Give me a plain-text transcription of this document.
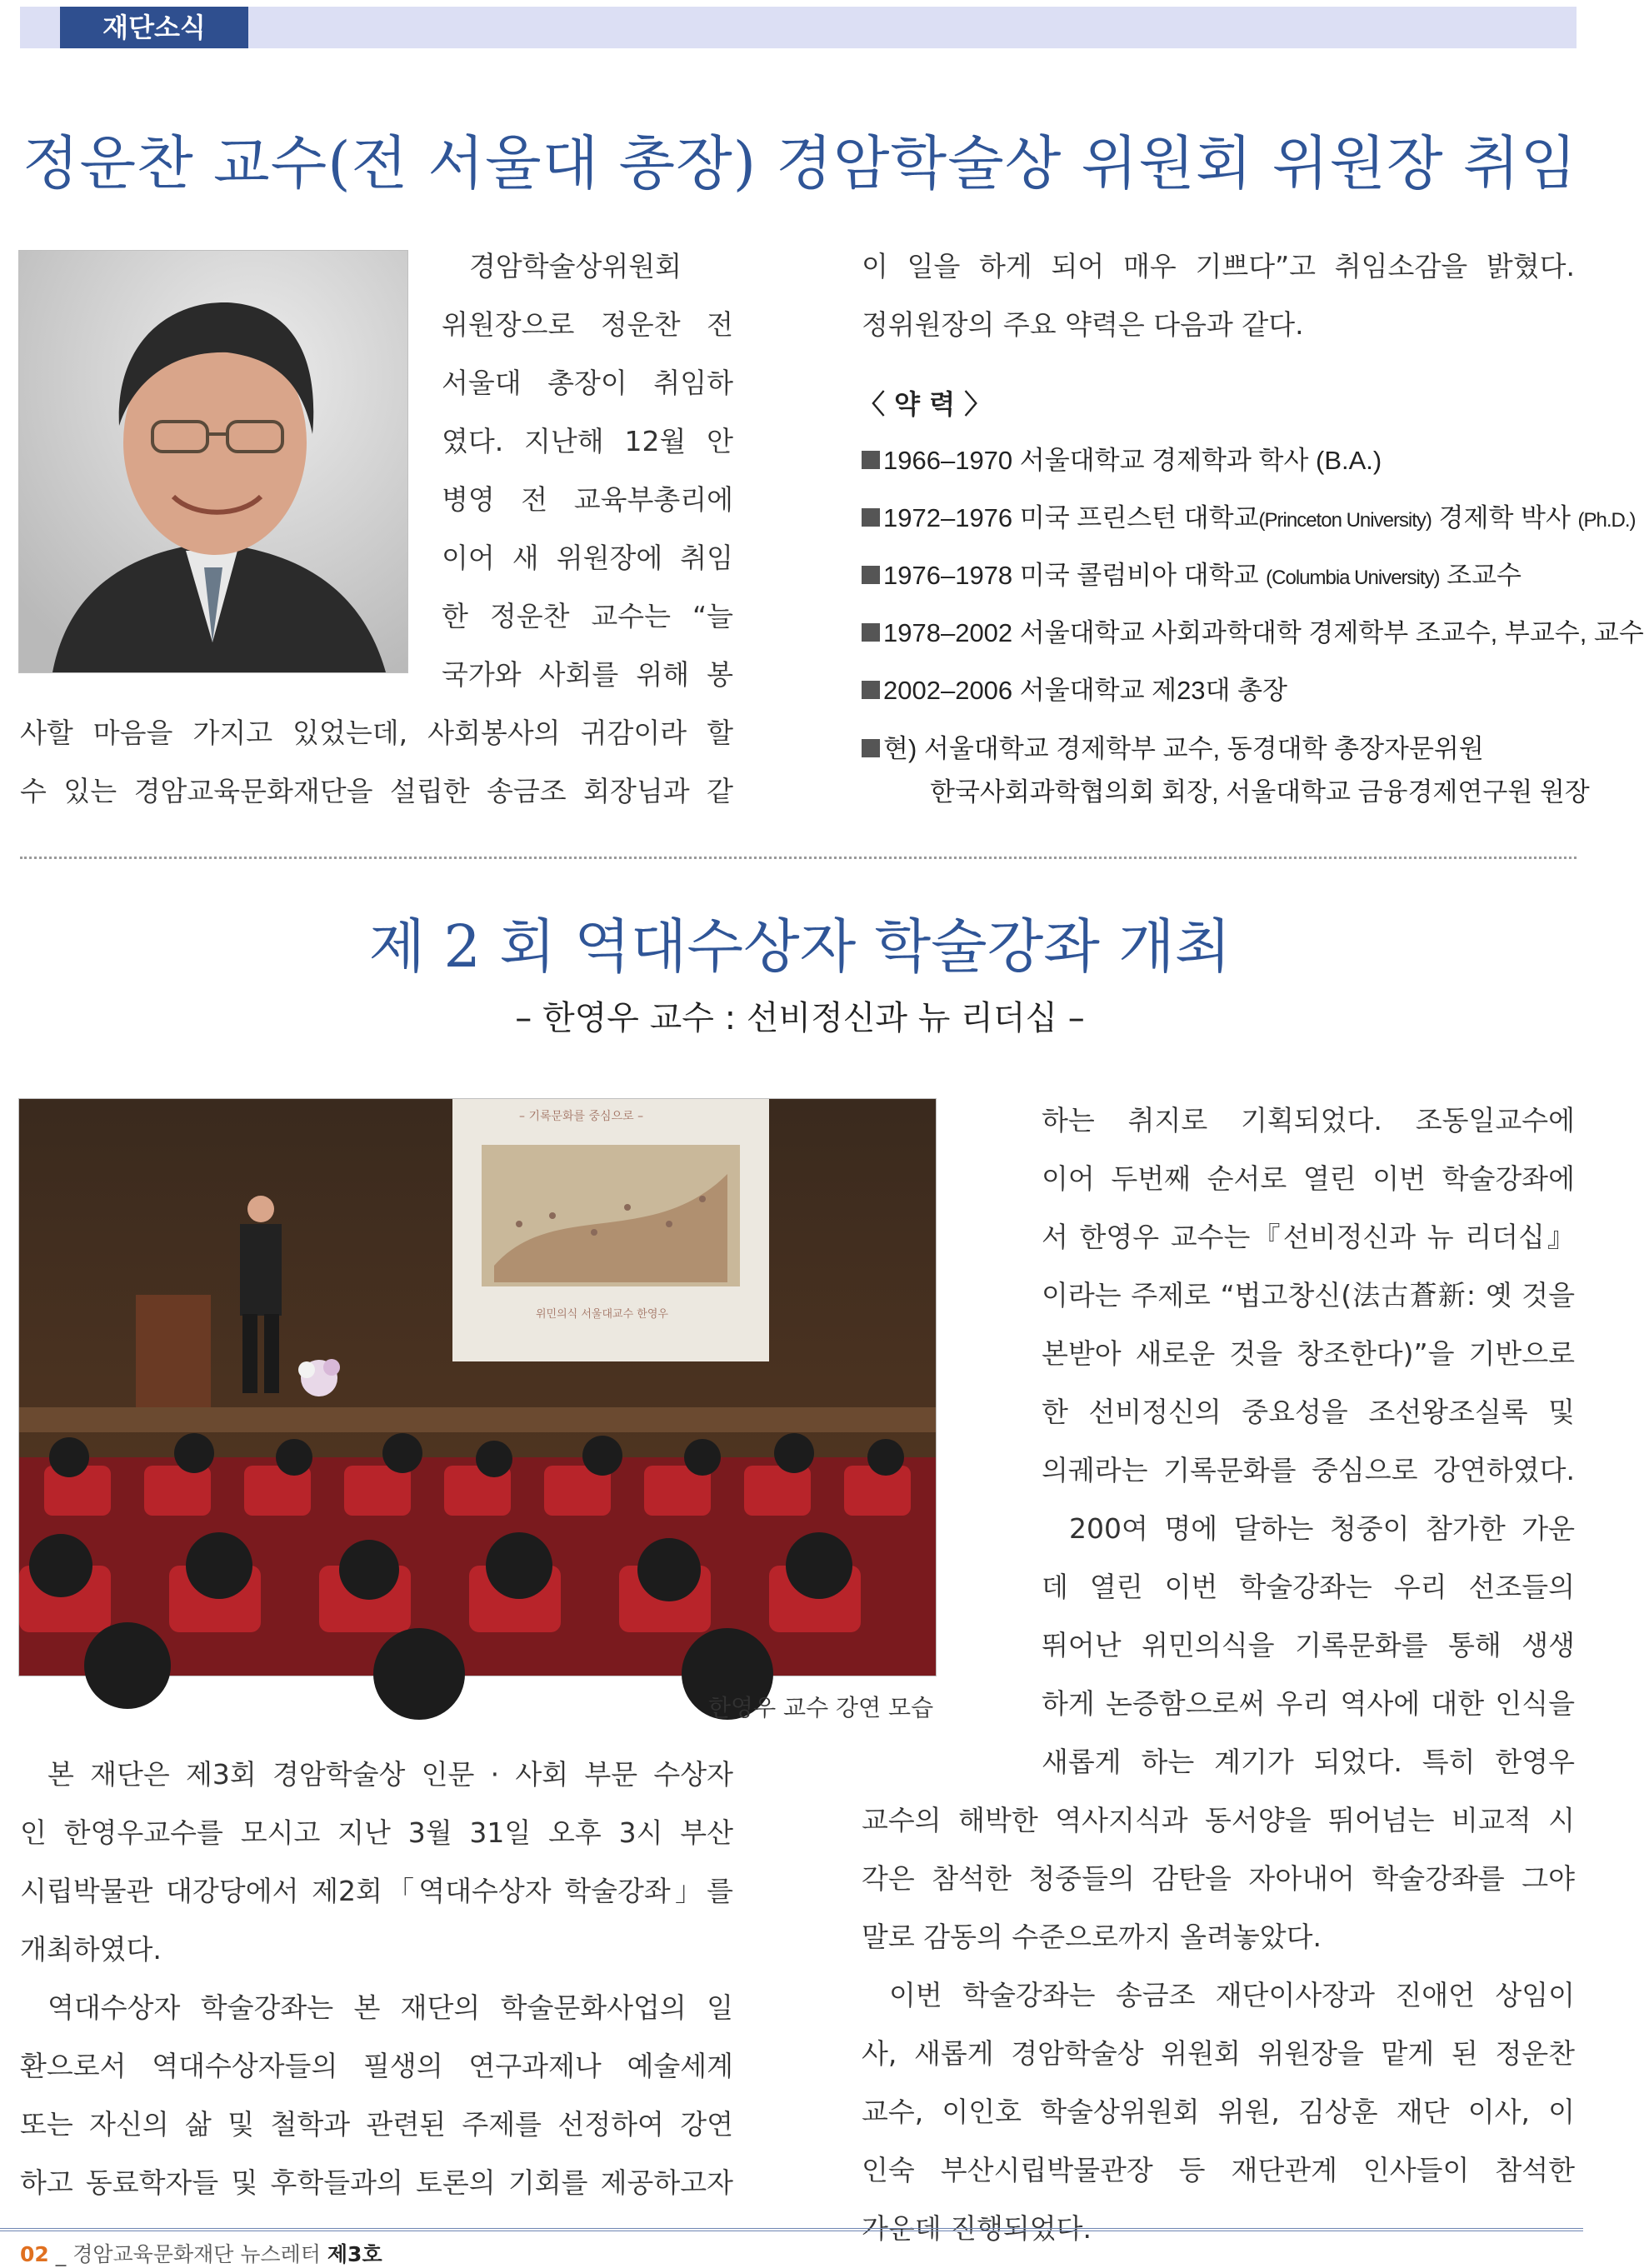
재단소식
정운찬 교수(전 서울대 총장) 경암학술상 위원회 위원장 취임
경암학술상위원회
위원장으로 정운찬 전
서울대 총장이 취임하
였다. 지난해 12월 안
병영 전 교육부총리에
이어 새 위원장에 취임
한 정운찬 교수는 “늘
국가와 사회를 위해 봉
사할 마음을 가지고 있었는데, 사회봉사의 귀감이라 할
수 있는 경암교육문화재단을 설립한 송금조 회장님과 같
이 일을 하게 되어 매우 기쁘다”고 취임소감을 밝혔다.
정위원장의 주요 약력은 다음과 같다.
〈 약 력 〉
1966–1970 서울대학교 경제학과 학사 (B.A.)
1972–1976 미국 프린스턴 대학교(Princeton University) 경제학 박사 (Ph.D.)
1976–1978 미국 콜럼비아 대학교 (Columbia University) 조교수
1978–2002 서울대학교 사회과학대학 경제학부 조교수, 부교수, 교수
2002–2006 서울대학교 제23대 총장
현) 서울대학교 경제학부 교수, 동경대학 총장자문위원
한국사회과학협의회 회장, 서울대학교 금융경제연구원 원장
제 2 회 역대수상자 학술강좌 개최
– 한영우 교수 : 선비정신과 뉴 리더십 –
– 기록문화를 중심으로 –
위민의식 서울대교수 한영우
한영우 교수 강연 모습
하는 취지로 기획되었다. 조동일교수에
이어 두번째 순서로 열린 이번 학술강좌에
서 한영우 교수는『선비정신과 뉴 리더십』
이라는 주제로 “법고창신(法古蒼新: 옛 것을
본받아 새로운 것을 창조한다)”을 기반으로
한 선비정신의 중요성을 조선왕조실록 및
의궤라는 기록문화를 중심으로 강연하였다.
200여 명에 달하는 청중이 참가한 가운
데 열린 이번 학술강좌는 우리 선조들의
뛰어난 위민의식을 기록문화를 통해 생생
하게 논증함으로써 우리 역사에 대한 인식을
새롭게 하는 계기가 되었다. 특히 한영우
교수의 해박한 역사지식과 동서양을 뛰어넘는 비교적 시
각은 참석한 청중들의 감탄을 자아내어 학술강좌를 그야
말로 감동의 수준으로까지 올려놓았다.
이번 학술강좌는 송금조 재단이사장과 진애언 상임이
사, 새롭게 경암학술상 위원회 위원장을 맡게 된 정운찬
교수, 이인호 학술상위원회 위원, 김상훈 재단 이사, 이
인숙 부산시립박물관장 등 재단관계 인사들이 참석한
가운데 진행되었다.
본 재단은 제3회 경암학술상 인문 · 사회 부문 수상자
인 한영우교수를 모시고 지난 3월 31일 오후 3시 부산
시립박물관 대강당에서 제2회「역대수상자 학술강좌」를
개최하였다.
역대수상자 학술강좌는 본 재단의 학술문화사업의 일
환으로서 역대수상자들의 필생의 연구과제나 예술세계
또는 자신의 삶 및 철학과 관련된 주제를 선정하여 강연
하고 동료학자들 및 후학들과의 토론의 기회를 제공하고자
02 _ 경암교육문화재단 뉴스레터 제3호
